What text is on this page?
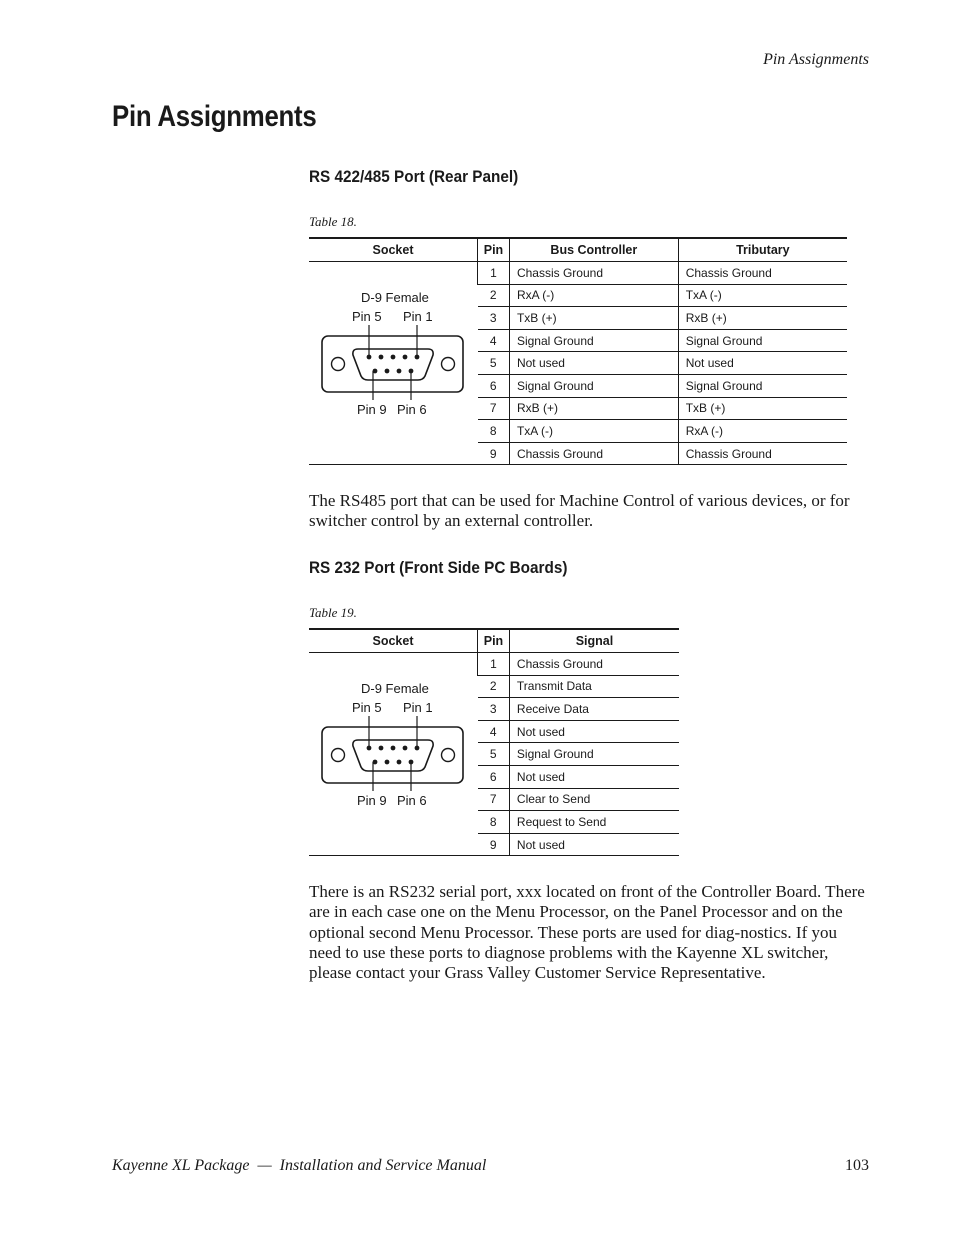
Pin Assignments
Pin Assignments
RS 422/485 Port (Rear Panel)
Table 18.
Socket	Pin	Bus Controller	Tributary

D-9 Female
Pin 5 Pin 1
Pin 9 Pin 6	1	Chassis Ground	Chassis Ground
	2	RxA (-)	TxA (-)
	3	TxB (+)	RxB (+)
	4	Signal Ground	Signal Ground
	5	Not used	Not used
	6	Signal Ground	Signal Ground
	7	RxB (+)	TxB (+)
	8	TxA (-)	RxA (-)
	9	Chassis Ground	Chassis Ground

The RS485 port that can be used for Machine Control of various devices, or for switcher control by an external controller.

RS 232 Port (Front Side PC Boards)
Table 19.
Socket	Pin	Signal

D-9 Female
Pin 5 Pin 1
Pin 9 Pin 6	1	Chassis Ground
	2	Transmit Data
	3	Receive Data
	4	Not used
	5	Signal Ground
	6	Not used
	7	Clear to Send
	8	Request to Send
	9	Not used

There is an RS232 serial port, xxx located on front of the Controller Board. There are in each case one on the Menu Processor, on the Panel Processor and on the optional second Menu Processor. These ports are used for diag-nostics. If you need to use these ports to diagnose problems with the Kayenne XL switcher, please contact your Grass Valley Customer Service Representative.

Kayenne XL Package  —  Installation and Service Manual	103
